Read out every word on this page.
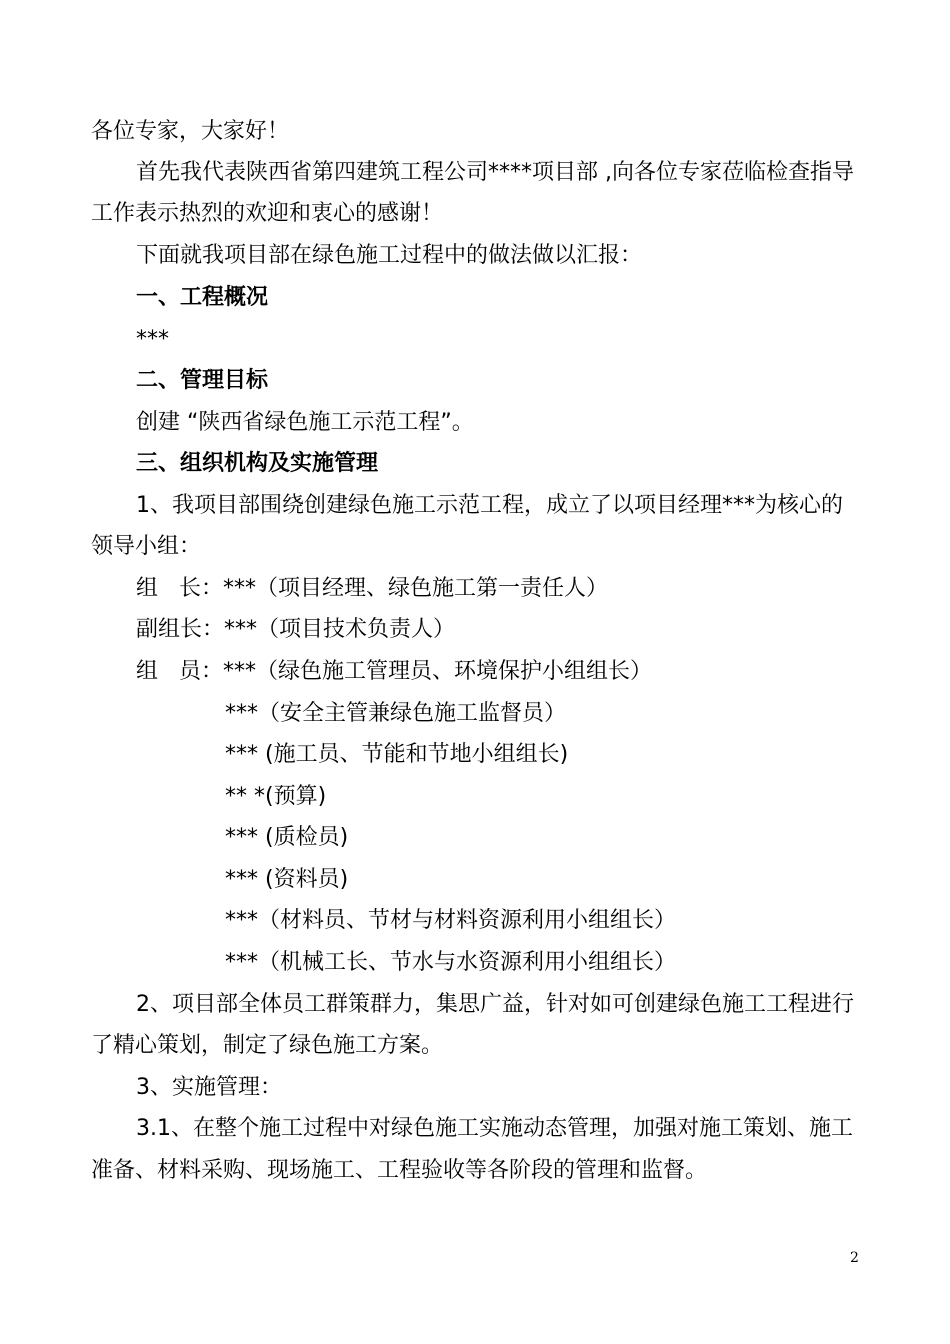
各位专家，大家好！
首先我代表陕西省第四建筑工程公司****项目部 ,向各位专家莅临检查指导
工作表示热烈的欢迎和衷心的感谢！
下面就我项目部在绿色施工过程中的做法做以汇报：
一、工程概况
***
二、管理目标
创建 “陕西省绿色施工示范工程”。
三、组织机构及实施管理
1、我项目部围绕创建绿色施工示范工程，成立了以项目经理***为核心的
领导小组：
组   长：***（项目经理、绿色施工第一责任人）
副组长：***（项目技术负责人）
组   员：***（绿色施工管理员、环境保护小组组长）
***（安全主管兼绿色施工监督员）
*** (施工员、节能和节地小组组长)
** *(预算)
*** (质检员)
*** (资料员)
***（材料员、节材与材料资源利用小组组长）
***（机械工长、节水与水资源利用小组组长）
2、项目部全体员工群策群力，集思广益，针对如可创建绿色施工工程进行
了精心策划，制定了绿色施工方案。
3、实施管理：
3.1、在整个施工过程中对绿色施工实施动态管理，加强对施工策划、施工
准备、材料采购、现场施工、工程验收等各阶段的管理和监督。
2
